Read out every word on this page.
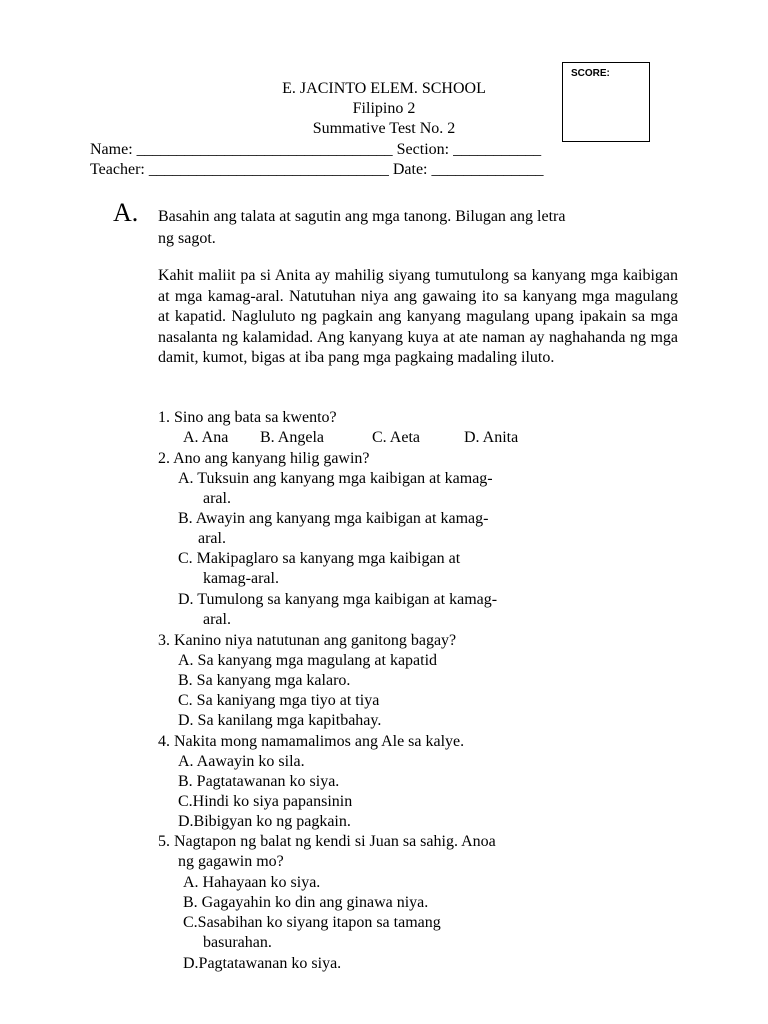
E. JACINTO ELEM. SCHOOL
Filipino 2
Summative Test No. 2
SCORE:
Name: ________________________________ Section: ___________
Teacher: ______________________________ Date: ______________
A. Basahin ang talata at sagutin ang mga tanong. Bilugan ang letra
ng sagot.
Kahit maliit pa si Anita ay mahilig siyang tumutulong sa kanyang mga kaibigan at mga kamag-aral. Natutuhan niya ang gawaing ito sa kanyang mga magulang at kapatid. Nagluluto ng pagkain ang kanyang magulang upang ipakain sa mga nasalanta ng kalamidad. Ang kanyang kuya at ate naman ay naghahanda ng mga damit, kumot, bigas at iba pang mga pagkaing madaling iluto.
1. Sino ang bata sa kwento?
A. Ana B. Angela	C. Aeta	D. Anita
2. Ano ang kanyang hilig gawin?
A. Tuksuin ang kanyang mga kaibigan at kamag-
aral.
B. Awayin ang kanyang mga kaibigan at kamag-
aral.
C. Makipaglaro sa kanyang mga kaibigan at
kamag-aral.
D. Tumulong sa kanyang mga kaibigan at kamag-
aral.
3. Kanino niya natutunan ang ganitong bagay?
A. Sa kanyang mga magulang at kapatid
B. Sa kanyang mga kalaro.
C. Sa kaniyang mga tiyo at tiya
D. Sa kanilang mga kapitbahay.
4. Nakita mong namamalimos ang Ale sa kalye.
A. Aawayin ko sila.
B. Pagtatawanan ko siya.
C.Hindi ko siya papansinin
D.Bibigyan ko ng pagkain.
5. Nagtapon ng balat ng kendi si Juan sa sahig. Anoa
ng gagawin mo?
A. Hahayaan ko siya.
B. Gagayahin ko din ang ginawa niya.
C.Sasabihan ko siyang itapon sa tamang
basurahan.
D.Pagtatawanan ko siya.
